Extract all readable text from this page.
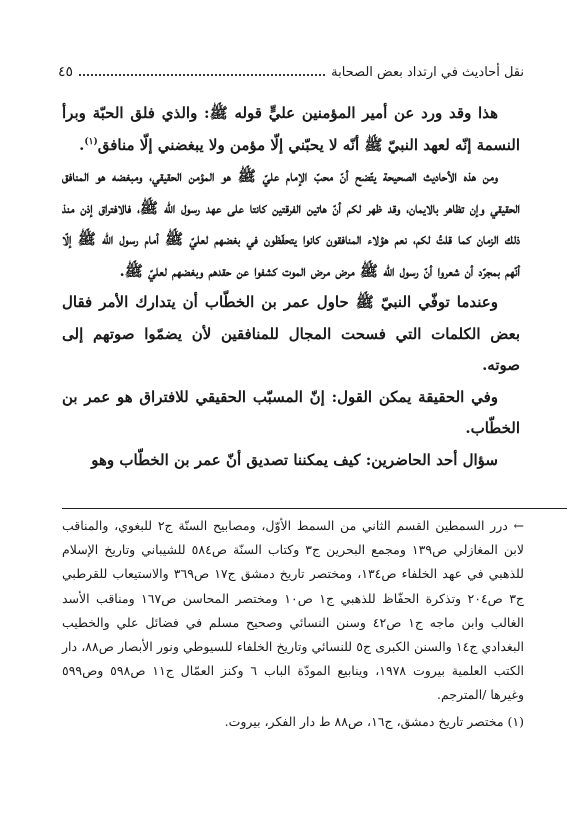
نقل أحاديث في ارتداد بعض الصحابة
٤٥

هذا وقد ورد عن أمير المؤمنين عليٍّ قوله ﷺ: والذي فلق الحبّة وبرأ النسمة إنّه لعهد النبيّ ﷺ أنّه لا يحبّني إلّا مؤمن ولا يبغضني إلّا منافق$^{(١)}$.

ومن هذه الأحاديث الصحيحة يتّضح أنّ محبّ الإمام عليّ ﷺ هو المؤمن الحقيقي، ومبغضه هو المنافق الحقيقي وإن تظاهر بالايمان، وقد ظهر لكم أنّ هاتين الفرقتين كانتا على عهد رسول الله ﷺ، فالافتراق إذن منذ ذلك الزمان كما قلتُ لكم، نعم هؤلاء المنافقون كانوا يتحفّظون في بغضهم لعليّ ﷺ أمام رسول الله ﷺ إلّا أنّهم بمجرّد أن شعروا أنّ رسول الله ﷺ مرض مرض الموت كشفوا عن حقدهم وبغضهم لعليّ ﷺ.

وعندما توفّي النبيّ ﷺ حاول عمر بن الخطّاب أن يتدارك الأمر فقال بعض الكلمات التي فسحت المجال للمنافقين لأن يضمّوا صوتهم إلى صوته.

وفي الحقيقة يمكن القول: إنّ المسبّب الحقيقي للافتراق هو عمر بن الخطّاب.

سؤال أحد الحاضرين: كيف يمكننا تصديق أنّ عمر بن الخطّاب وهو

← درر السمطين القسم الثاني من السمط الأوّل، ومصابيح السنّة ج٢ للبغوي، والمناقب لابن المغازلي ص١٣٩ ومجمع البحرين ج٣ وكتاب السنّة ص٥٨٤ للشيباني وتاريخ الإسلام للذهبي في عهد الخلفاء ص١٣٤، ومختصر تاريخ دمشق ج١٧ ص٣٦٩ والاستيعاب للقرطبي ج٣ ص٢٠٤ وتذكرة الحفّاظ للذهبي ج١ ص١٠ ومختصر المحاسن ص١٦٧ ومناقب الأسد الغالب وابن ماجه ج١ ص٤٢ وسنن النسائي وصحيح مسلم في فضائل علي والخطيب البغدادي ج١٤ والسنن الكبرى ج٥ للنسائي وتاريخ الخلفاء للسيوطي ونور الأبصار ص٨٨، دار الكتب العلمية بيروت ١٩٧٨، وينابيع المودّة الباب ٦ وكنز العمّال ج١١ ص٥٩٨ وص٥٩٩ وغيرها /المترجم.

(١) مختصر تاريخ دمشق، ج١٦، ص٨٨ ط دار الفكر، بيروت.
